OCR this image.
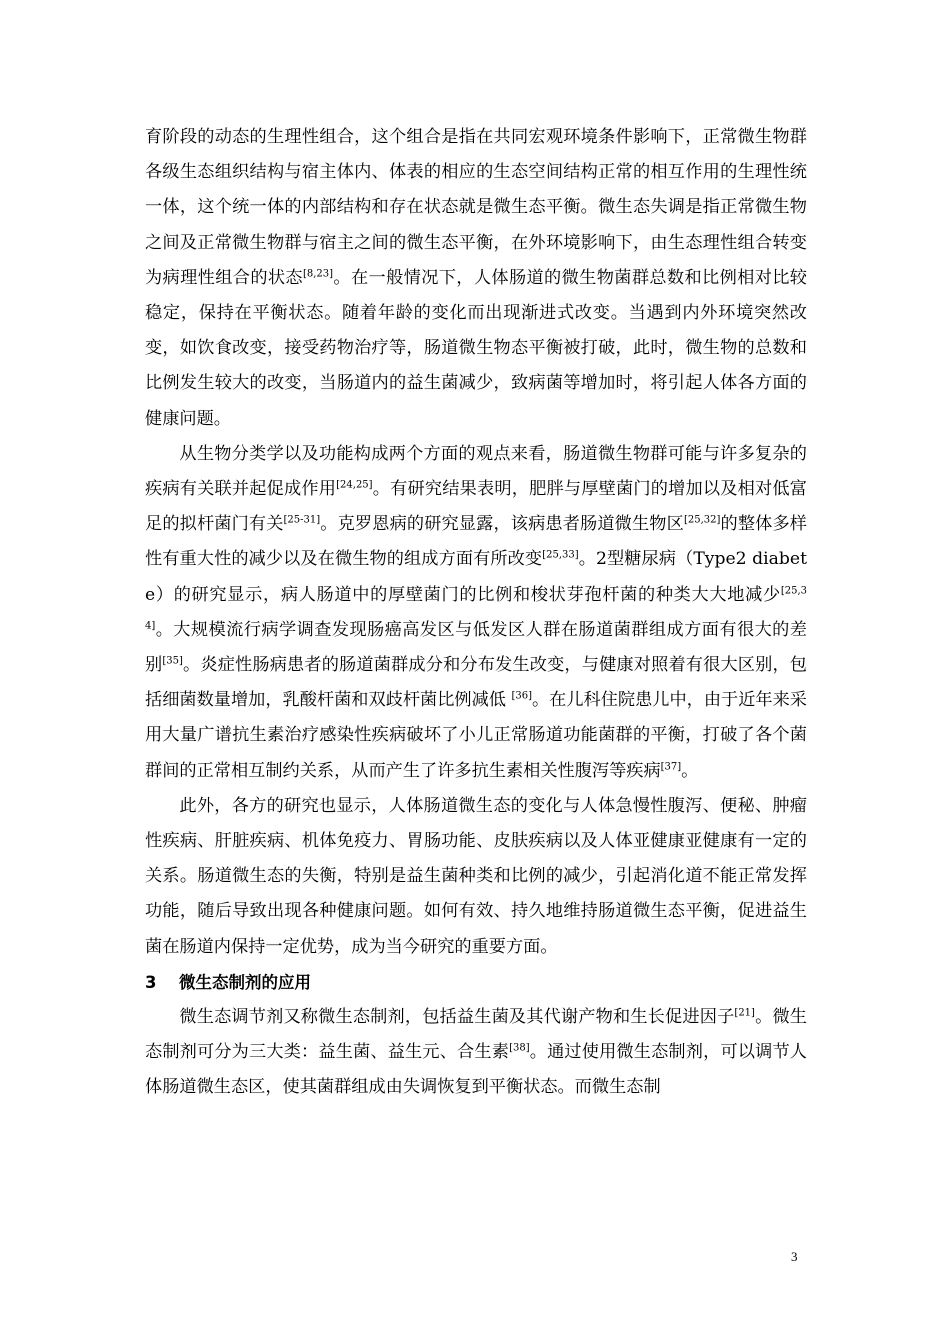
育阶段的动态的生理性组合，这个组合是指在共同宏观环境条件影响下，正常微生物群各级生态组织结构与宿主体内、体表的相应的生态空间结构正常的相互作用的生理性统一体，这个统一体的内部结构和存在状态就是微生态平衡。微生态失调是指正常微生物之间及正常微生物群与宿主之间的微生态平衡，在外环境影响下，由生态理性组合转变为病理性组合的状态[8,23]。在一般情况下，人体肠道的微生物菌群总数和比例相对比较稳定，保持在平衡状态。随着年龄的变化而出现渐进式改变。当遇到内外环境突然改变，如饮食改变，接受药物治疗等，肠道微生物态平衡被打破，此时，微生物的总数和比例发生较大的改变，当肠道内的益生菌减少，致病菌等增加时，将引起人体各方面的健康问题。

从生物分类学以及功能构成两个方面的观点来看，肠道微生物群可能与许多复杂的疾病有关联并起促成作用[24,25]。有研究结果表明，肥胖与厚壁菌门的增加以及相对低富足的拟杆菌门有关[25-31]。克罗恩病的研究显露，该病患者肠道微生物区[25,32]的整体多样性有重大性的减少以及在微生物的组成方面有所改变[25,33]。2型糖尿病（Type2 diabete）的研究显示，病人肠道中的厚壁菌门的比例和梭状芽孢杆菌的种类大大地减少[25,34]。大规模流行病学调查发现肠癌高发区与低发区人群在肠道菌群组成方面有很大的差别[35]。炎症性肠病患者的肠道菌群成分和分布发生改变，与健康对照着有很大区别，包括细菌数量增加，乳酸杆菌和双歧杆菌比例减低 [36]。在儿科住院患儿中，由于近年来采用大量广谱抗生素治疗感染性疾病破坏了小儿正常肠道功能菌群的平衡，打破了各个菌群间的正常相互制约关系，从而产生了许多抗生素相关性腹泻等疾病[37]。

此外，各方的研究也显示，人体肠道微生态的变化与人体急慢性腹泻、便秘、肿瘤性疾病、肝脏疾病、机体免疫力、胃肠功能、皮肤疾病以及人体亚健康亚健康有一定的关系。肠道微生态的失衡，特别是益生菌种类和比例的减少，引起消化道不能正常发挥功能，随后导致出现各种健康问题。如何有效、持久地维持肠道微生态平衡，促进益生菌在肠道内保持一定优势，成为当今研究的重要方面。

3 微生态制剂的应用

微生态调节剂又称微生态制剂，包括益生菌及其代谢产物和生长促进因子[21]。微生态制剂可分为三大类：益生菌、益生元、合生素[38]。通过使用微生态制剂，可以调节人体肠道微生态区，使其菌群组成由失调恢复到平衡状态。而微生态制

3
